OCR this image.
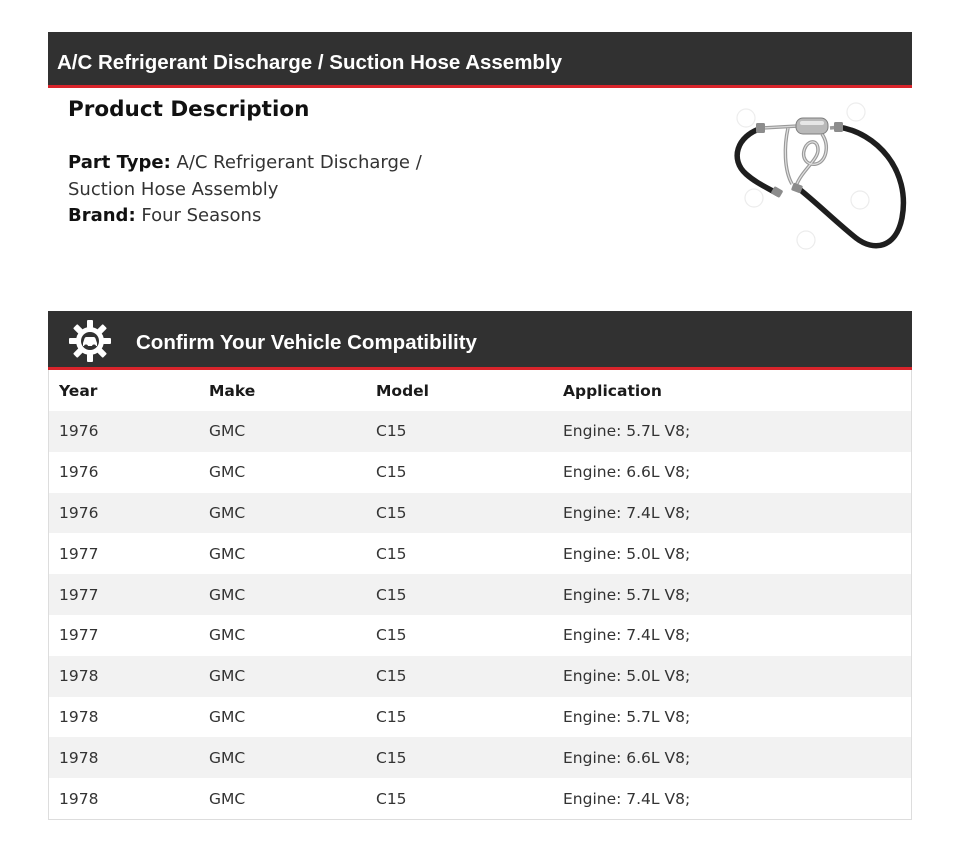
A/C Refrigerant Discharge / Suction Hose Assembly
Product Description
Part Type: A/C Refrigerant Discharge /
Suction Hose Assembly
Brand: Four Seasons
Confirm Your Vehicle Compatibility
Year	Make	Model	Application
1976	GMC	C15	Engine: 5.7L V8;
1976	GMC	C15	Engine: 6.6L V8;
1976	GMC	C15	Engine: 7.4L V8;
1977	GMC	C15	Engine: 5.0L V8;
1977	GMC	C15	Engine: 5.7L V8;
1977	GMC	C15	Engine: 7.4L V8;
1978	GMC	C15	Engine: 5.0L V8;
1978	GMC	C15	Engine: 5.7L V8;
1978	GMC	C15	Engine: 6.6L V8;
1978	GMC	C15	Engine: 7.4L V8;
